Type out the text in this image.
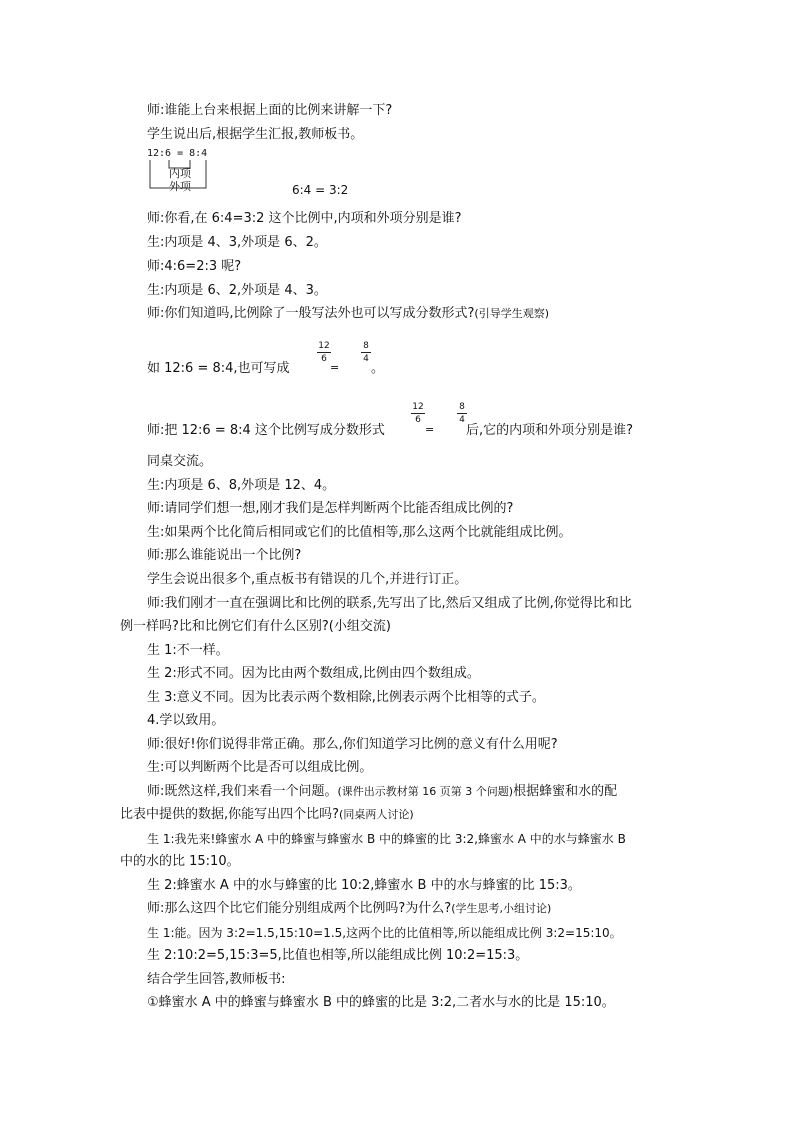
师:谁能上台来根据上面的比例来讲解一下?
学生说出后,根据学生汇报,教师板书。
12:6 = 8:4
内项
外项	6:4 = 3:2
师:你看,在 6:4=3:2 这个比例中,内项和外项分别是谁?
生:内项是 4、3,外项是 6、2。
师:4:6=2:3 呢?
生:内项是 6、2,外项是 4、3。
师:你们知道吗,比例除了一般写法外也可以写成分数形式?(引导学生观察)
如 12:6 = 8:4,也可写成
12
6
=
8
4
。
师:把 12:6 = 8:4 这个比例写成分数形式
12
6
=
8
4
后,它的内项和外项分别是谁?
同桌交流。
生:内项是 6、8,外项是 12、4。
师:请同学们想一想,刚才我们是怎样判断两个比能否组成比例的?
生:如果两个比化简后相同或它们的比值相等,那么这两个比就能组成比例。
师:那么谁能说出一个比例?
学生会说出很多个,重点板书有错误的几个,并进行订正。
师:我们刚才一直在强调比和比例的联系,先写出了比,然后又组成了比例,你觉得比和比
例一样吗?比和比例它们有什么区别?(小组交流)
生 1:不一样。
生 2:形式不同。因为比由两个数组成,比例由四个数组成。
生 3:意义不同。因为比表示两个数相除,比例表示两个比相等的式子。
4.学以致用。
师:很好!你们说得非常正确。那么,你们知道学习比例的意义有什么用呢?
生:可以判断两个比是否可以组成比例。
师:既然这样,我们来看一个问题。(课件出示教材第 16 页第 3 个问题)根据蜂蜜和水的配
比表中提供的数据,你能写出四个比吗?(同桌两人讨论)
生 1:我先来!蜂蜜水 A 中的蜂蜜与蜂蜜水 B 中的蜂蜜的比 3:2,蜂蜜水 A 中的水与蜂蜜水 B
中的水的比 15:10。
生 2:蜂蜜水 A 中的水与蜂蜜的比 10:2,蜂蜜水 B 中的水与蜂蜜的比 15:3。
师:那么这四个比它们能分别组成两个比例吗?为什么?(学生思考,小组讨论)
生 1:能。因为 3:2=1.5,15:10=1.5,这两个比的比值相等,所以能组成比例 3:2=15:10。
生 2:10:2=5,15:3=5,比值也相等,所以能组成比例 10:2=15:3。
结合学生回答,教师板书:
①蜂蜜水 A 中的蜂蜜与蜂蜜水 B 中的蜂蜜的比是 3:2,二者水与水的比是 15:10。
